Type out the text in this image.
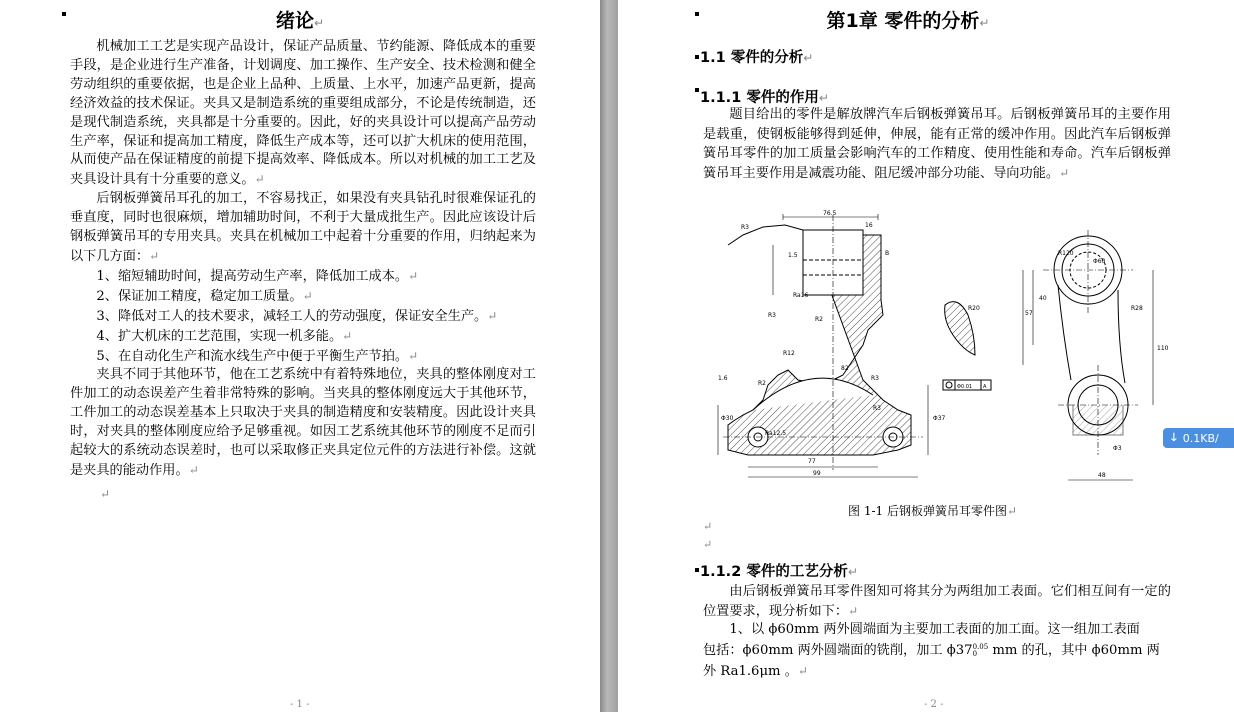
绪论↵

机械加工工艺是实现产品设计，保证产品质量、节约能源、降低成本的重要手段，是企业进行生产准备，计划调度、加工操作、生产安全、技术检测和健全劳动组织的重要依据，也是企业上品种、上质量、上水平，加速产品更新，提高经济效益的技术保证。夹具又是制造系统的重要组成部分，不论是传统制造，还是现代制造系统，夹具都是十分重要的。因此，好的夹具设计可以提高产品劳动生产率，保证和提高加工精度，降低生产成本等，还可以扩大机床的使用范围，从而使产品在保证精度的前提下提高效率、降低成本。所以对机械的加工工艺及夹具设计具有十分重要的意义。↵

后钢板弹簧吊耳孔的加工，不容易找正，如果没有夹具钻孔时很难保证孔的垂直度，同时也很麻烦，增加辅助时间，不利于大量成批生产。因此应该设计后钢板弹簧吊耳的专用夹具。夹具在机械加工中起着十分重要的作用，归纳起来为以下几方面：↵

1、缩短辅助时间，提高劳动生产率，降低加工成本。↵

2、保证加工精度，稳定加工质量。↵

3、降低对工人的技术要求，减轻工人的劳动强度，保证安全生产。↵

4、扩大机床的工艺范围，实现一机多能。↵

5、在自动化生产和流水线生产中便于平衡生产节拍。↵

夹具不同于其他环节，他在工艺系统中有着特殊地位，夹具的整体刚度对工件加工的动态误差产生着非常特殊的影响。当夹具的整体刚度远大于其他环节，工件加工的动态误差基本上只取决于夹具的制造精度和安装精度。因此设计夹具时，对夹具的整体刚度应给予足够重视。如因工艺系统其他环节的刚度不足而引起较大的系统动态误差时，也可以采取修正夹具定位元件的方法进行补偿。这就是夹具的能动作用。↵

↵

- 1 -
第1章 零件的分析↵
1.1 零件的分析↵
1.1.1 零件的作用↵

题目给出的零件是解放牌汽车后钢板弹簧吊耳。后钢板弹簧吊耳的主要作用是载重，使钢板能够得到延伸，伸展，能有正常的缓冲作用。因此汽车后钢板弹簧吊耳零件的加工质量会影响汽车的工作精度、使用性能和寿命。汽车后钢板弹簧吊耳主要作用是减震功能、阻尼缓冲部分功能、导向功能。↵

76.5
16
R3
1.5
Ra16
R2
R3
R12
82
1.6
Ra12.5
R3
R2
R3
Φ30	Φ37
77
99
B
Φ0.01 A
R20
Φ60
R120
40
57
R28
110
Φ3
48
图 1-1 后钢板弹簧吊耳零件图↵
↵
↵
1.1.2 零件的工艺分析↵

由后钢板弹簧吊耳零件图知可将其分为两组加工表面。它们相互间有一定的位置要求，现分析如下：↵

1、以 ϕ60mm 两外圆端面为主要加工表面的加工面。这一组加工表面
包括：ϕ60mm 两外圆端面的铣削，加工 ϕ37 0.05
0 mm 的孔，其中 ϕ60mm 两
外 Ra1.6μm 。↵
- 2 -
🡓 0.1KB/
